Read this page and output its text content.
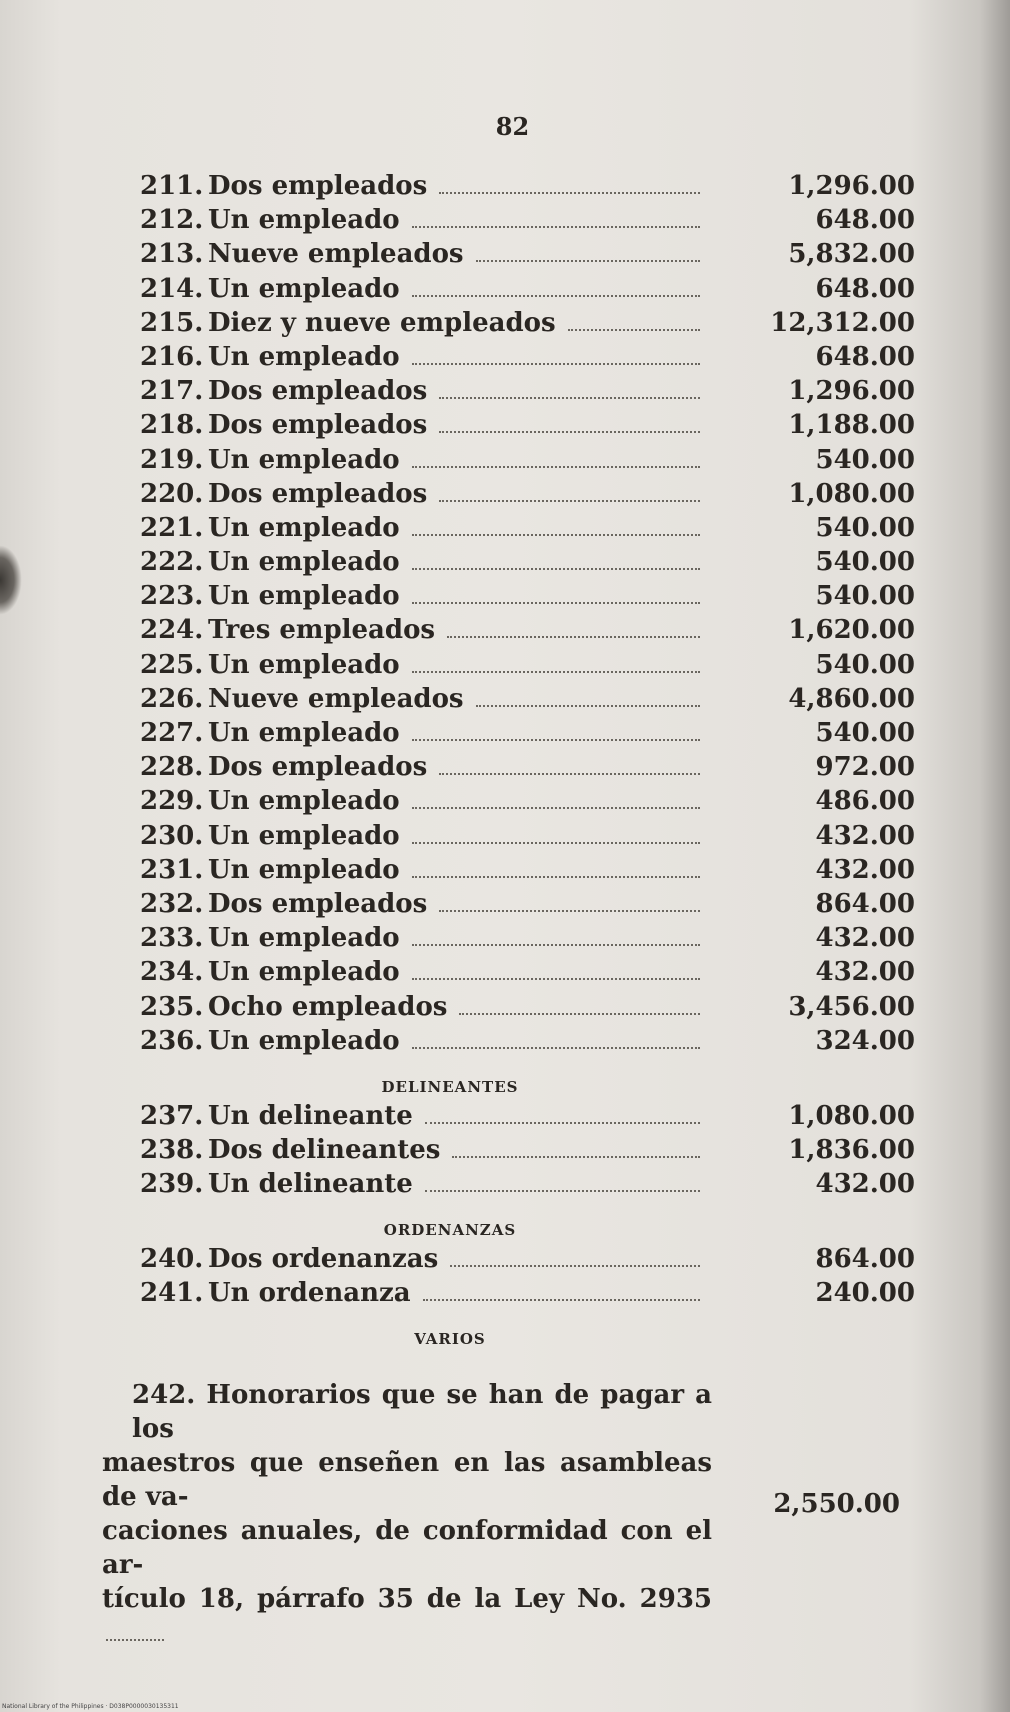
82
211. Dos empleados	1,296.00
212. Un empleado	648.00
213. Nueve empleados	5,832.00
214. Un empleado	648.00
215. Diez y nueve empleados	12,312.00
216. Un empleado	648.00
217. Dos empleados	1,296.00
218. Dos empleados	1,188.00
219. Un empleado	540.00
220. Dos empleados	1,080.00
221. Un empleado	540.00
222. Un empleado	540.00
223. Un empleado	540.00
224. Tres empleados	1,620.00
225. Un empleado	540.00
226. Nueve empleados	4,860.00
227. Un empleado	540.00
228. Dos empleados	972.00
229. Un empleado	486.00
230. Un empleado	432.00
231. Un empleado	432.00
232. Dos empleados	864.00
233. Un empleado	432.00
234. Un empleado	432.00
235. Ocho empleados	3,456.00
236. Un empleado	324.00
DELINEANTES
237. Un delineante	1,080.00
238. Dos delineantes	1,836.00
239. Un delineante	432.00
ORDENANZAS
240. Dos ordenanzas	864.00
241. Un ordenanza	240.00
VARIOS
242. Honorarios que se han de pagar a los
maestros que enseñen en las asambleas de va-
caciones anuales, de conformidad con el ar-
tículo 18, párrafo 35 de la Ley No. 2935
2,550.00
National Library of the Philippines · D038P0000030135311
